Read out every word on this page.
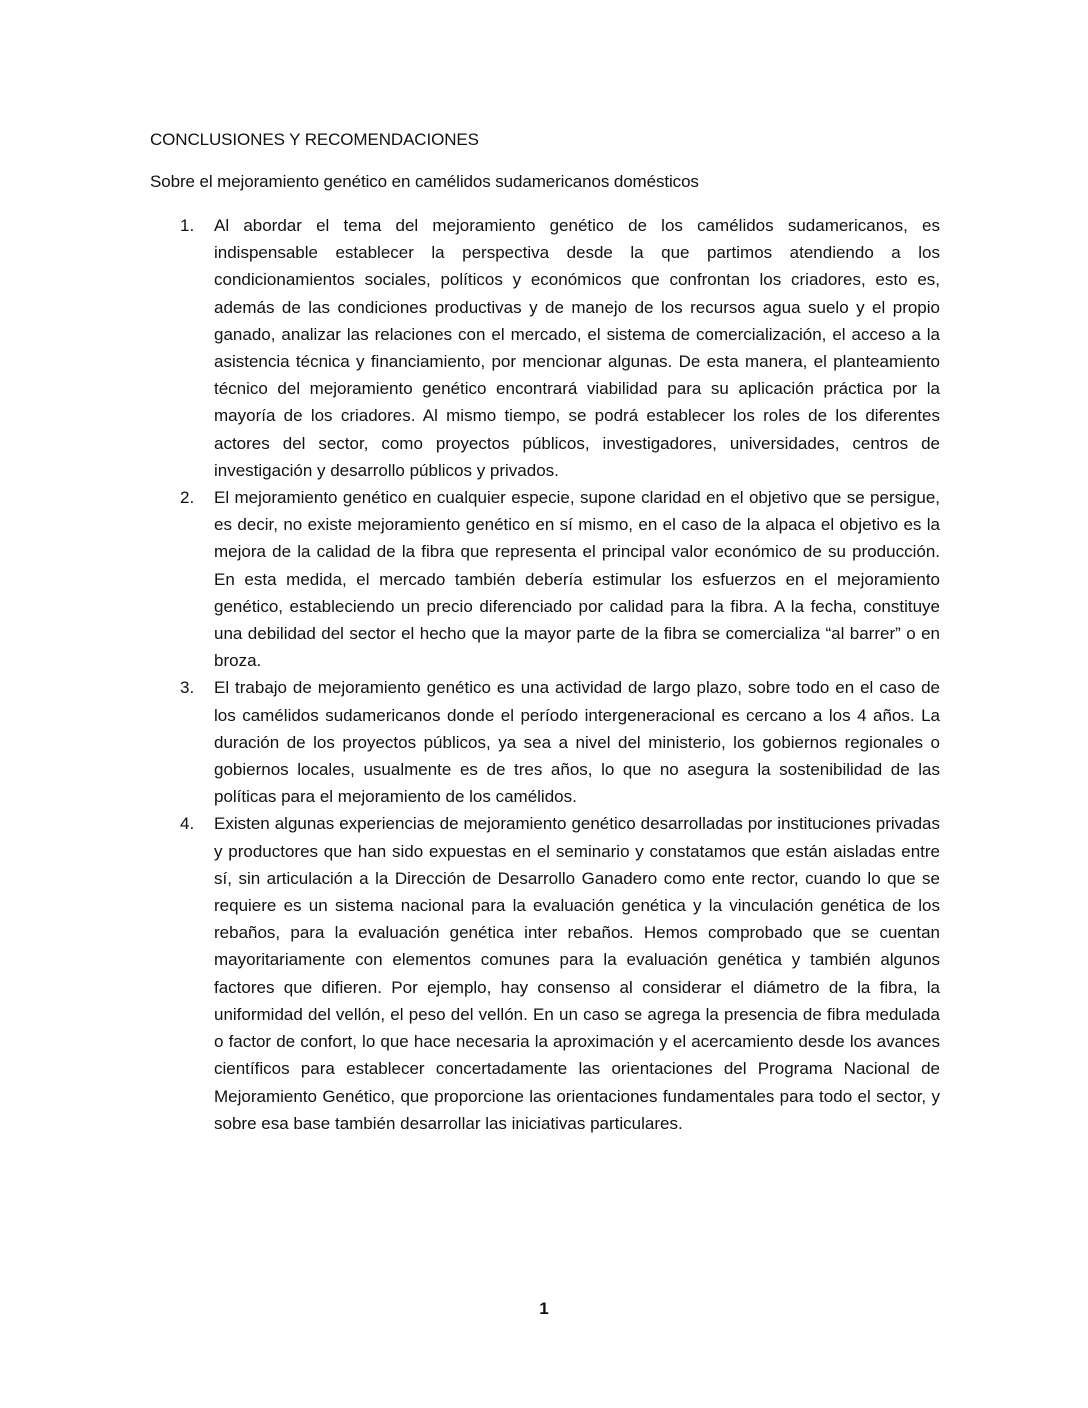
CONCLUSIONES Y RECOMENDACIONES
Sobre el mejoramiento genético en camélidos sudamericanos domésticos
1.	Al abordar el tema del mejoramiento genético de los camélidos sudamericanos, es indispensable establecer la perspectiva desde la que partimos atendiendo a los condicionamientos sociales, políticos y económicos que confrontan los criadores, esto es, además de las condiciones productivas y de manejo de los recursos agua suelo y el propio ganado, analizar las relaciones con el mercado, el sistema de comercialización, el acceso a la asistencia técnica y financiamiento, por mencionar algunas. De esta manera, el planteamiento técnico del mejoramiento genético encontrará viabilidad para su aplicación práctica por la mayoría de los criadores. Al mismo tiempo, se podrá establecer los roles de los diferentes actores del sector, como proyectos públicos, investigadores, universidades, centros de investigación y desarrollo públicos y privados.
2.	El mejoramiento genético en cualquier especie, supone claridad en el objetivo que se persigue, es decir, no existe mejoramiento genético en sí mismo, en el caso de la alpaca el objetivo es la mejora de la calidad de la fibra que representa el principal valor económico de su producción. En esta medida, el mercado también debería estimular los esfuerzos en el mejoramiento genético, estableciendo un precio diferenciado por calidad para la fibra. A la fecha, constituye una debilidad del sector el hecho que la mayor parte de la fibra se comercializa “al barrer” o en broza.
3.	El trabajo de mejoramiento genético es una actividad de largo plazo, sobre todo en el caso de los camélidos sudamericanos donde el período intergeneracional es cercano a los 4 años. La duración de los proyectos públicos, ya sea a nivel del ministerio, los gobiernos regionales o gobiernos locales, usualmente es de tres años, lo que no asegura la sostenibilidad de las políticas para el mejoramiento de los camélidos.
4.	Existen algunas experiencias de mejoramiento genético desarrolladas por instituciones privadas y productores que han sido expuestas en el seminario y constatamos que están aisladas entre sí, sin articulación a la Dirección de Desarrollo Ganadero como ente rector, cuando lo que se requiere es un sistema nacional para la evaluación genética y la vinculación genética de los rebaños, para la evaluación genética inter rebaños. Hemos comprobado que se cuentan mayoritariamente con elementos comunes para la evaluación genética y también algunos factores que difieren. Por ejemplo, hay consenso al considerar el diámetro de la fibra, la uniformidad del vellón, el peso del vellón. En un caso se agrega la presencia de fibra medulada o factor de confort, lo que hace necesaria la aproximación y el acercamiento desde los avances científicos para establecer concertadamente las orientaciones del Programa Nacional de Mejoramiento Genético, que proporcione las orientaciones fundamentales para todo el sector, y sobre esa base también desarrollar las iniciativas particulares.
1
